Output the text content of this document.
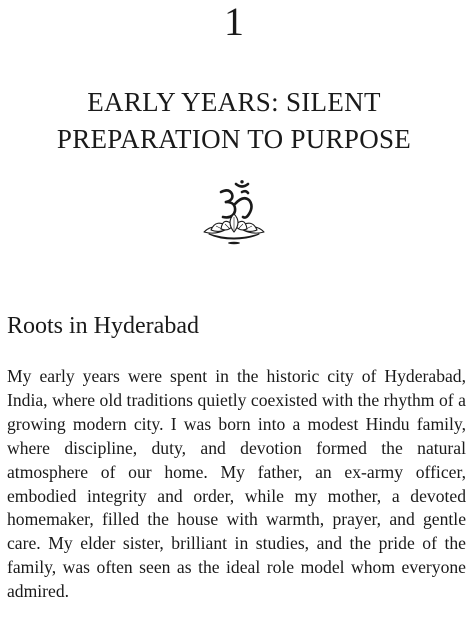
1
EARLY YEARS: SILENT
PREPARATION TO PURPOSE
Roots in Hyderabad

My early years were spent in the historic city of Hyderabad, India, where old traditions quietly coexisted with the rhythm of a growing modern city. I was born into a modest Hindu family, where discipline, duty, and devotion formed the natural atmosphere of our home. My father, an ex-army officer, embodied integrity and order, while my mother, a devoted homemaker, filled the house with warmth, prayer, and gentle care. My elder sister, brilliant in studies, and the pride of the family, was often seen as the ideal role model whom everyone admired.
